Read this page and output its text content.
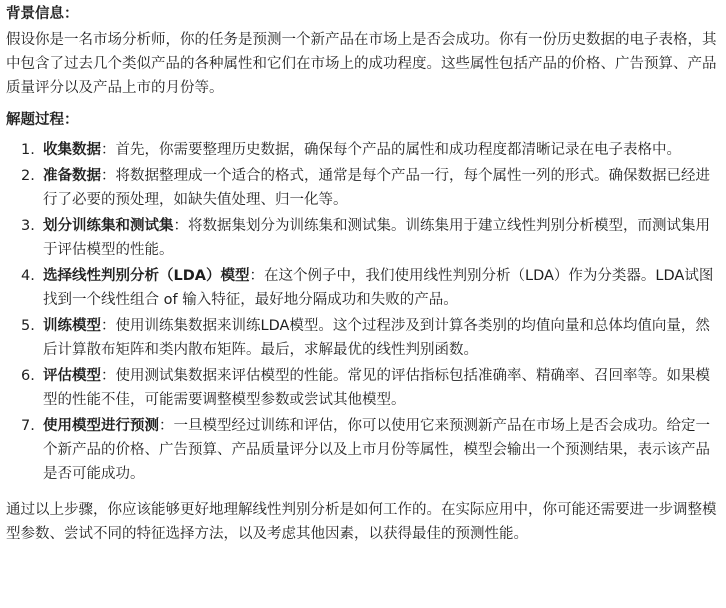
背景信息：

假设你是一名市场分析师，你的任务是预测一个新产品在市场上是否会成功。你有一份历史数据的电子表格，其中包含了过去几个类似产品的各种属性和它们在市场上的成功程度。这些属性包括产品的价格、广告预算、产品质量评分以及产品上市的月份等。

解题过程：

1. 收集数据：首先，你需要整理历史数据，确保每个产品的属性和成功程度都清晰记录在电子表格中。
2. 准备数据：将数据整理成一个适合的格式，通常是每个产品一行，每个属性一列的形式。确保数据已经进行了必要的预处理，如缺失值处理、归一化等。
3. 划分训练集和测试集：将数据集划分为训练集和测试集。训练集用于建立线性判别分析模型，而测试集用于评估模型的性能。
4. 选择线性判别分析（LDA）模型：在这个例子中，我们使用线性判别分析（LDA）作为分类器。LDA试图找到一个线性组合 of 输入特征，最好地分隔成功和失败的产品。
5. 训练模型：使用训练集数据来训练LDA模型。这个过程涉及到计算各类别的均值向量和总体均值向量，然后计算散布矩阵和类内散布矩阵。最后，求解最优的线性判别函数。
6. 评估模型：使用测试集数据来评估模型的性能。常见的评估指标包括准确率、精确率、召回率等。如果模型的性能不佳，可能需要调整模型参数或尝试其他模型。
7. 使用模型进行预测：一旦模型经过训练和评估，你可以使用它来预测新产品在市场上是否会成功。给定一个新产品的价格、广告预算、产品质量评分以及上市月份等属性，模型会输出一个预测结果，表示该产品是否可能成功。

通过以上步骤，你应该能够更好地理解线性判别分析是如何工作的。在实际应用中，你可能还需要进一步调整模型参数、尝试不同的特征选择方法，以及考虑其他因素，以获得最佳的预测性能。
